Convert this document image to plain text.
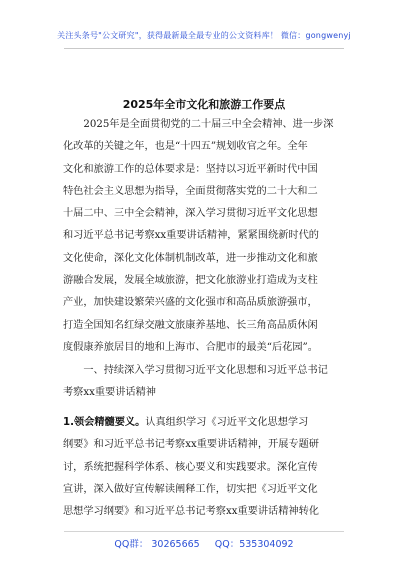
关注头条号"公文研究"，获得最新最全最专业的公文资料库！ 微信：gongwenyj
2025年全市文化和旅游工作要点
　　2025年是全面贯彻党的二十届三中全会精神、进一步深
化改革的关键之年，也是“十四五”规划收官之年。全年
文化和旅游工作的总体要求是：坚持以习近平新时代中国
特色社会主义思想为指导，全面贯彻落实党的二十大和二
十届二中、三中全会精神，深入学习贯彻习近平文化思想
和习近平总书记考察xx重要讲话精神，紧紧围绕新时代的
文化使命，深化文化体制机制改革，进一步推动文化和旅
游融合发展，发展全域旅游，把文化旅游业打造成为支柱
产业，加快建设繁荣兴盛的文化强市和高品质旅游强市，
打造全国知名红绿交融文旅康养基地、长三角高品质休闲
度假康养旅居目的地和上海市、合肥市的最美“后花园”。
　　一、持续深入学习贯彻习近平文化思想和习近平总书记
考察xx重要讲话精神
1.领会精髓要义。认真组织学习《习近平文化思想学习
纲要》和习近平总书记考察xx重要讲话精神，开展专题研
讨，系统把握科学体系、核心要义和实践要求。深化宣传
宣讲，深入做好宣传解读阐释工作，切实把《习近平文化
思想学习纲要》和习近平总书记考察xx重要讲话精神转化
QQ群： 30265665 QQ：535304092
